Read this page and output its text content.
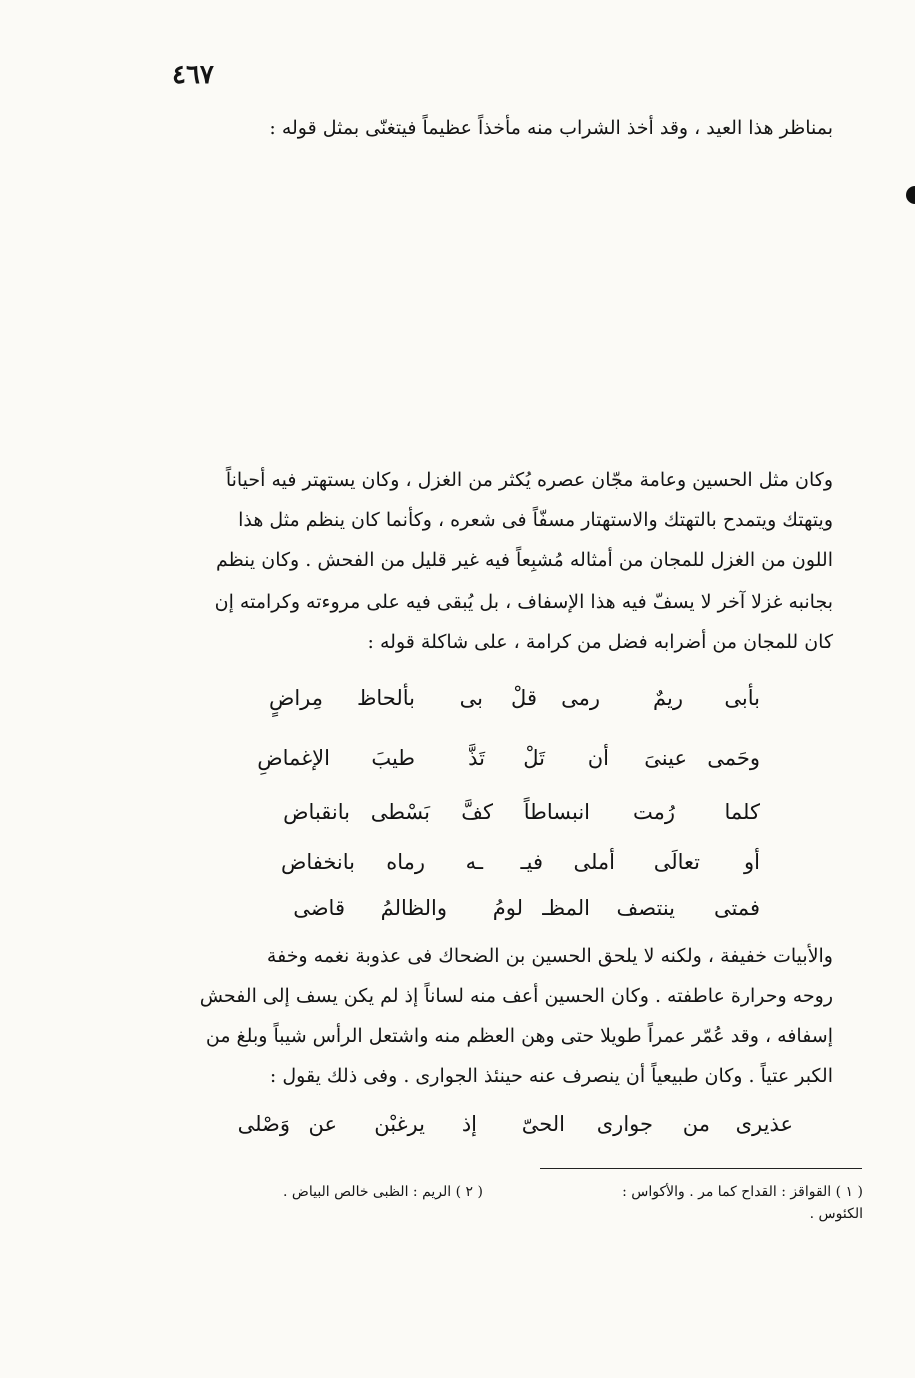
٤٦٧
بمناظر هذا العيد ، وقد أخذ الشراب منه مأخذاً عظيماً فيتغنّى بمثل قوله :
وكان مثل الحسين وعامة مجّان عصره يُكثر من الغزل ، وكان يستهتر فيه أحياناً
ويتهتك ويتمدح بالتهتك والاستهتار مسفّاً فى شعره ، وكأنما كان ينظم مثل هذا
اللون من الغزل للمجان من أمثاله مُشبِعاً فيه غير قليل من الفحش . وكان ينظم
بجانبه غزلا آخر لا يسفّ فيه هذا الإسفاف ، بل يُبقى فيه على مروءته وكرامته إن
كان للمجان من أضرابه فضل من كرامة ، على شاكلة قوله :
بأبى
ريمٌ
رمى
قلْ
بى
بألحاظ
مِراضٍ
وحَمى
عينىَ
أن
تَلْ
تَذَّ
طيبَ
الإغماضِ
كلما
رُمت
انبساطاً
كفَّ
بَسْطى
بانقباض
أو
تعالَى
أملى
فيـ
ـه
رماه
بانخفاض
فمتى
ينتصف
المظـ
لومُ
والظالمُ
قاضى
والأبيات خفيفة ، ولكنه لا يلحق الحسين بن الضحاك فى عذوبة نغمه وخفة
روحه وحرارة عاطفته . وكان الحسين أعف منه لساناً إذ لم يكن يسف إلى الفحش
إسفافه ، وقد عُمّر عمراً طويلا حتى وهن العظم منه واشتعل الرأس شيباً وبلغ من
الكبر عتياً . وكان طبيعياً أن ينصرف عنه حينئذ الجوارى . وفى ذلك يقول :
عذيرى
من
جوارى
الحىّ
إذ
يرغبْن
عن
وَصْلى
( ١ ) القواقز : القداح كما مر . والأكواس :
الكئوس .
( ٢ ) الريم : الظبى خالص البياض .
